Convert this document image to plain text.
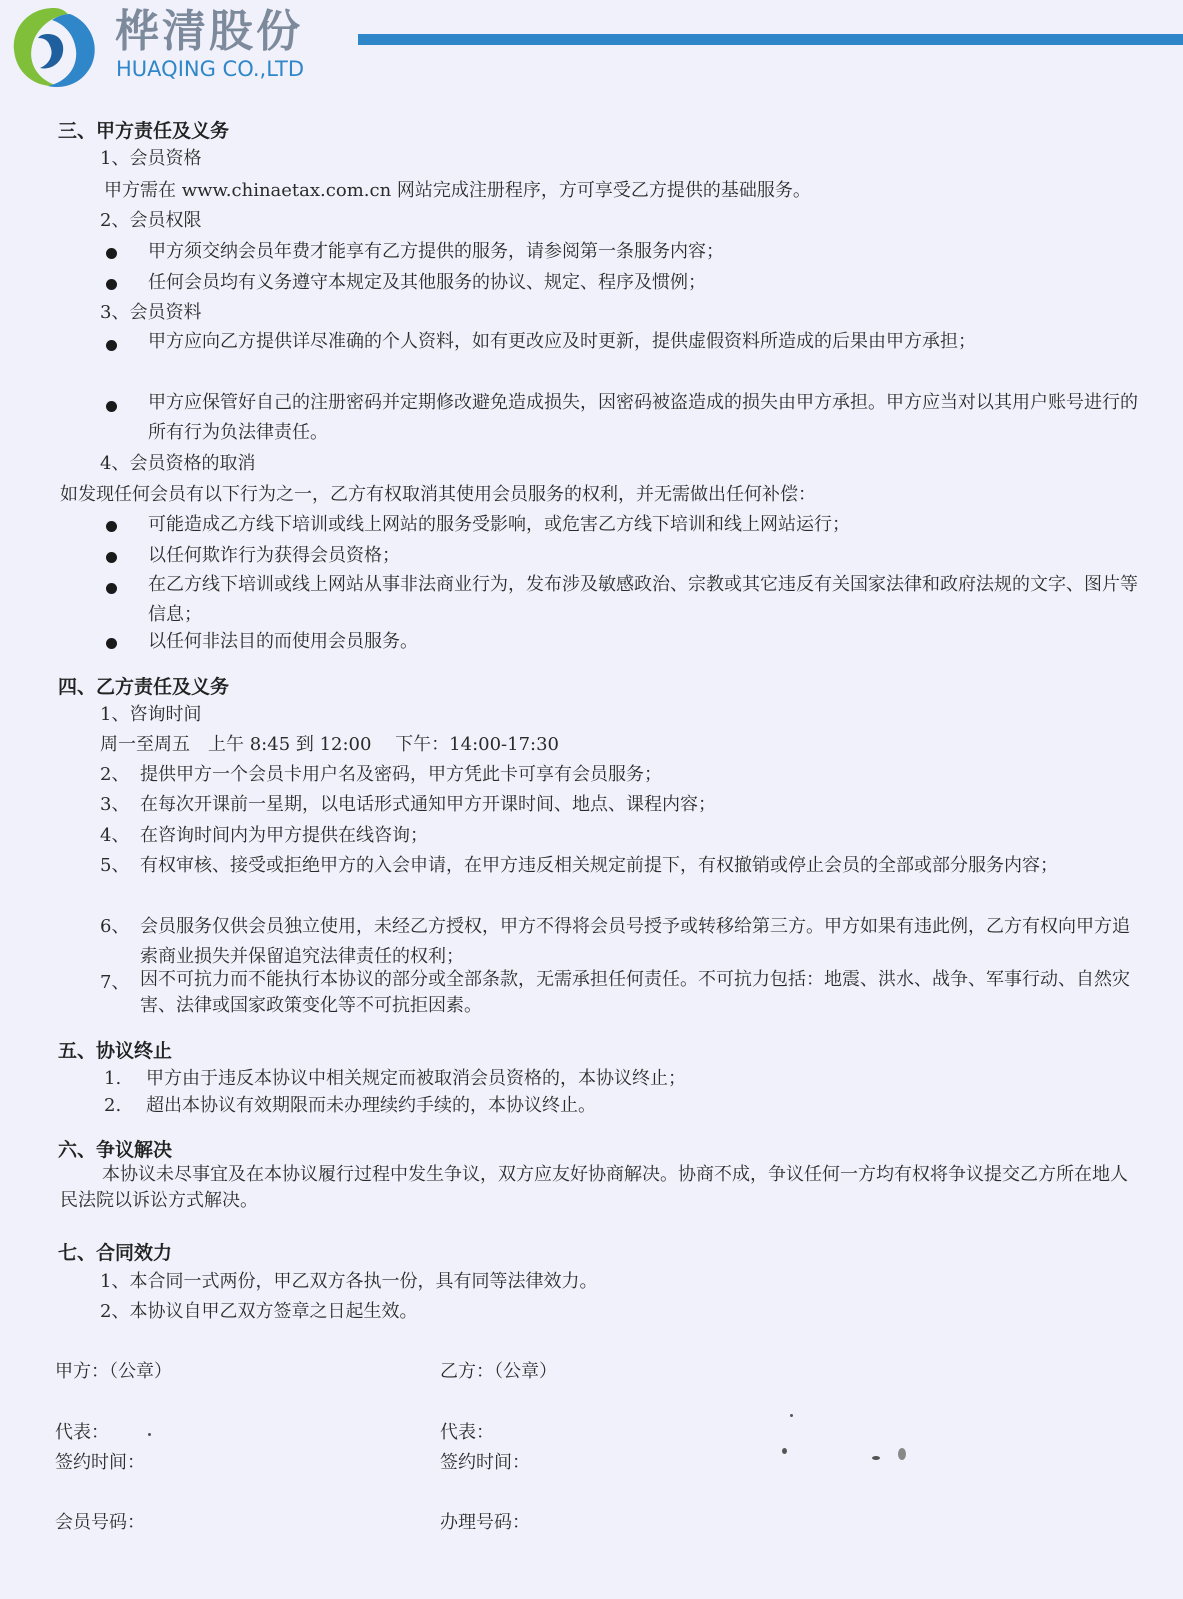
桦清股份
HUAQING CO.,LTD
三、甲方责任及义务
1、会员资格
甲方需在 www.chinaetax.com.cn 网站完成注册程序，方可享受乙方提供的基础服务。
2、会员权限
甲方须交纳会员年费才能享有乙方提供的服务，请参阅第一条服务内容；
任何会员均有义务遵守本规定及其他服务的协议、规定、程序及惯例；
3、会员资料
甲方应向乙方提供详尽准确的个人资料，如有更改应及时更新，提供虚假资料所造成的后果由甲方承担；
甲方应保管好自己的注册密码并定期修改避免造成损失，因密码被盗造成的损失由甲方承担。甲方应当对以其用户账号进行的所有行为负法律责任。
4、会员资格的取消
如发现任何会员有以下行为之一，乙方有权取消其使用会员服务的权利，并无需做出任何补偿：
可能造成乙方线下培训或线上网站的服务受影响，或危害乙方线下培训和线上网站运行；
以任何欺诈行为获得会员资格；
在乙方线下培训或线上网站从事非法商业行为，发布涉及敏感政治、宗教或其它违反有关国家法律和政府法规的文字、图片等信息；
以任何非法目的而使用会员服务。
四、乙方责任及义务
1、咨询时间
周一至周五　上午 8:45 到 12:00　 下午：14:00-17:30
2、 提供甲方一个会员卡用户名及密码，甲方凭此卡可享有会员服务；
3、 在每次开课前一星期，以电话形式通知甲方开课时间、地点、课程内容；
4、 在咨询时间内为甲方提供在线咨询；
5、 有权审核、接受或拒绝甲方的入会申请，在甲方违反相关规定前提下，有权撤销或停止会员的全部或部分服务内容；
6、 会员服务仅供会员独立使用，未经乙方授权，甲方不得将会员号授予或转移给第三方。甲方如果有违此例，乙方有权向甲方追索商业损失并保留追究法律责任的权利；
7、 因不可抗力而不能执行本协议的部分或全部条款，无需承担任何责任。不可抗力包括：地震、洪水、战争、军事行动、自然灾害、法律或国家政策变化等不可抗拒因素。
五、协议终止
1. 甲方由于违反本协议中相关规定而被取消会员资格的，本协议终止；
2. 超出本协议有效期限而未办理续约手续的，本协议终止。
六、争议解决
本协议未尽事宜及在本协议履行过程中发生争议，双方应友好协商解决。协商不成，争议任何一方均有权将争议提交乙方所在地人民法院以诉讼方式解决。
七、合同效力
1、本合同一式两份，甲乙双方各执一份，具有同等法律效力。
2、本协议自甲乙双方签章之日起生效。
甲方：（公章）	乙方：（公章）
代表：	代表：
签约时间：	签约时间：
会员号码：	办理号码：
